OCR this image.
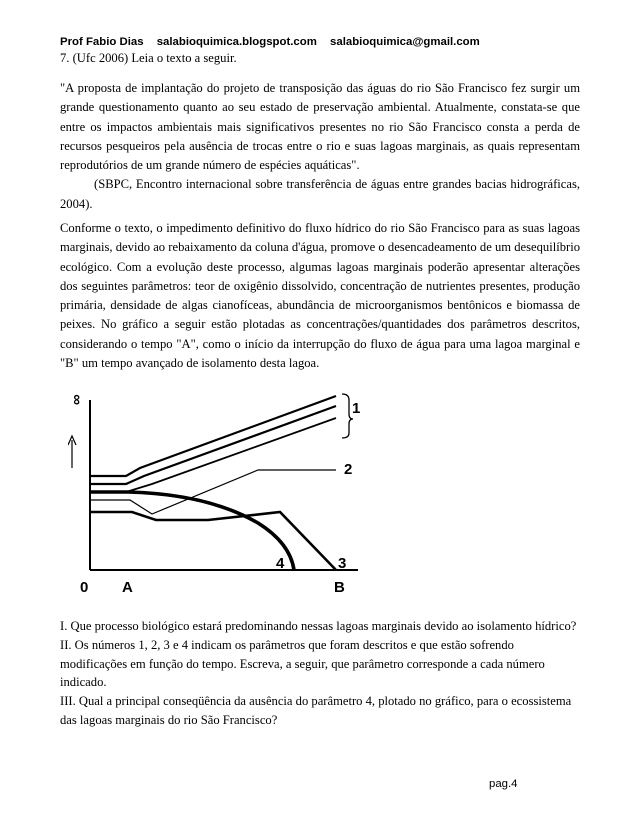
Prof Fabio Dias salabioquimica.blogspot.com salabioquimica@gmail.com
7. (Ufc 2006) Leia o texto a seguir.
"A proposta de implantação do projeto de transposição das águas do rio São Francisco fez surgir um grande questionamento quanto ao seu estado de preservação ambiental. Atualmente, constata-se que entre os impactos ambientais mais significativos presentes no rio São Francisco consta a perda de recursos pesqueiros pela ausência de trocas entre o rio e suas lagoas marginais, as quais representam reprodutórios de um grande número de espécies aquáticas".
(SBPC, Encontro internacional sobre transferência de águas entre grandes bacias hidrográficas, 2004).
Conforme o texto, o impedimento definitivo do fluxo hídrico do rio São Francisco para as suas lagoas marginais, devido ao rebaixamento da coluna d'água, promove o desencadeamento de um desequilíbrio ecológico. Com a evolução deste processo, algumas lagoas marginais poderão apresentar alterações dos seguintes parâmetros: teor de oxigênio dissolvido, concentração de nutrientes presentes, produção primária, densidade de algas cianofíceas, abundância de microorganismos bentônicos e biomassa de peixes. No gráfico a seguir estão plotadas as concentrações/quantidades dos parâmetros descritos, considerando o tempo "A", como o início da interrupção do fluxo de água para uma lagoa marginal e "B" um tempo avançado de isolamento desta lagoa.
∞
1
2
3
4
0 A	B
I. Que processo biológico estará predominando nessas lagoas marginais devido ao isolamento hídrico?
II. Os números 1, 2, 3 e 4 indicam os parâmetros que foram descritos e que estão sofrendo modificações em função do tempo. Escreva, a seguir, que parâmetro corresponde a cada número indicado.
III. Qual a principal conseqüência da ausência do parâmetro 4, plotado no gráfico, para o ecossistema das lagoas marginais do rio São Francisco?
pag.4
